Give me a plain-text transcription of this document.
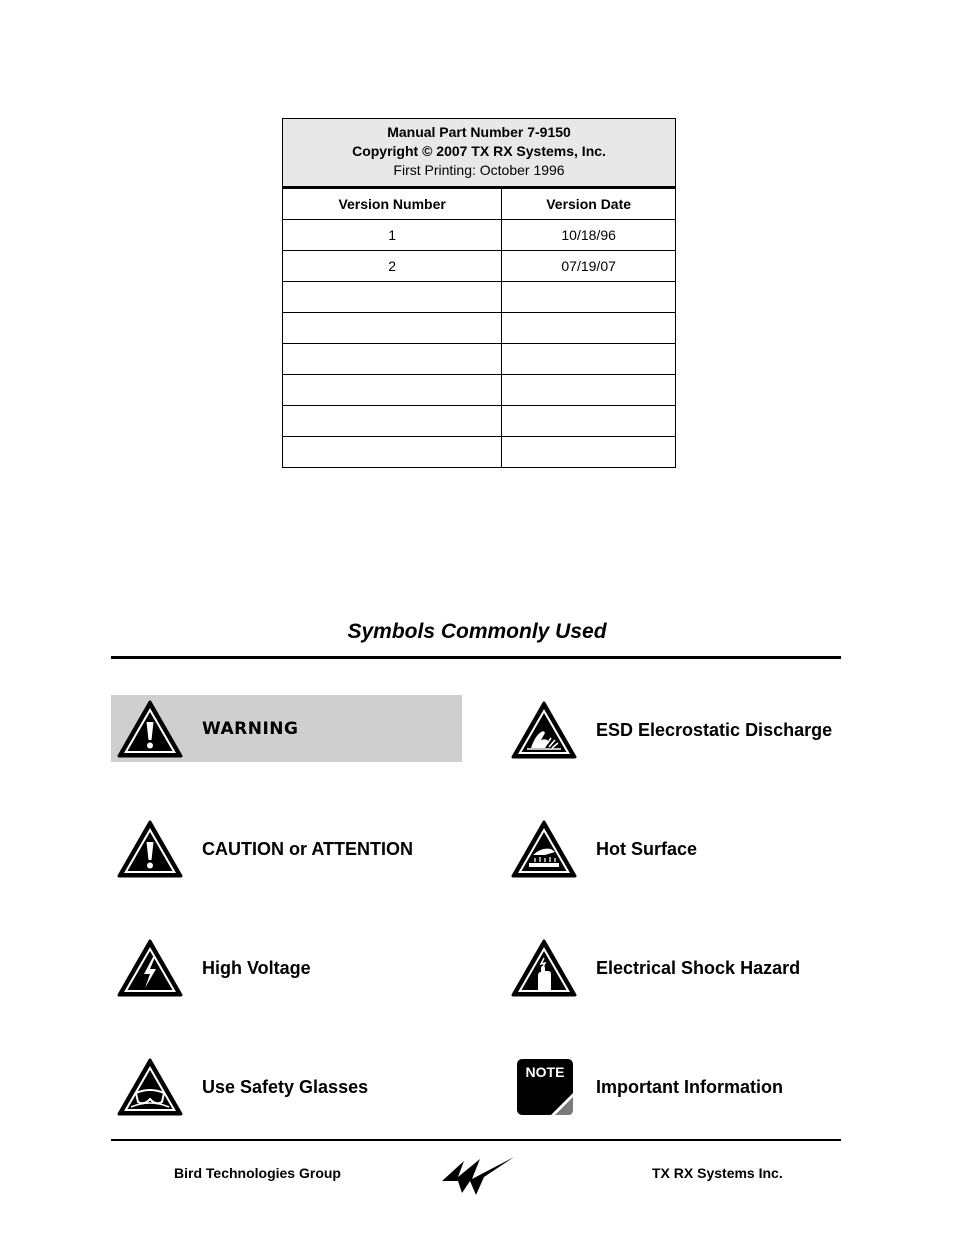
Manual Part Number 7-9150
Copyright © 2007 TX RX Systems, Inc.
First Printing: October 1996	

Version Number	Version Date
1	10/18/96
2	07/19/07

Symbols Commonly Used
WARNING	ESD Elecrostatic Discharge
CAUTION or ATTENTION	Hot Surface
High Voltage	Electrical Shock Hazard
Use Safety Glasses
NOTE
Important Information
Bird Technologies Group	TX RX Systems Inc.
